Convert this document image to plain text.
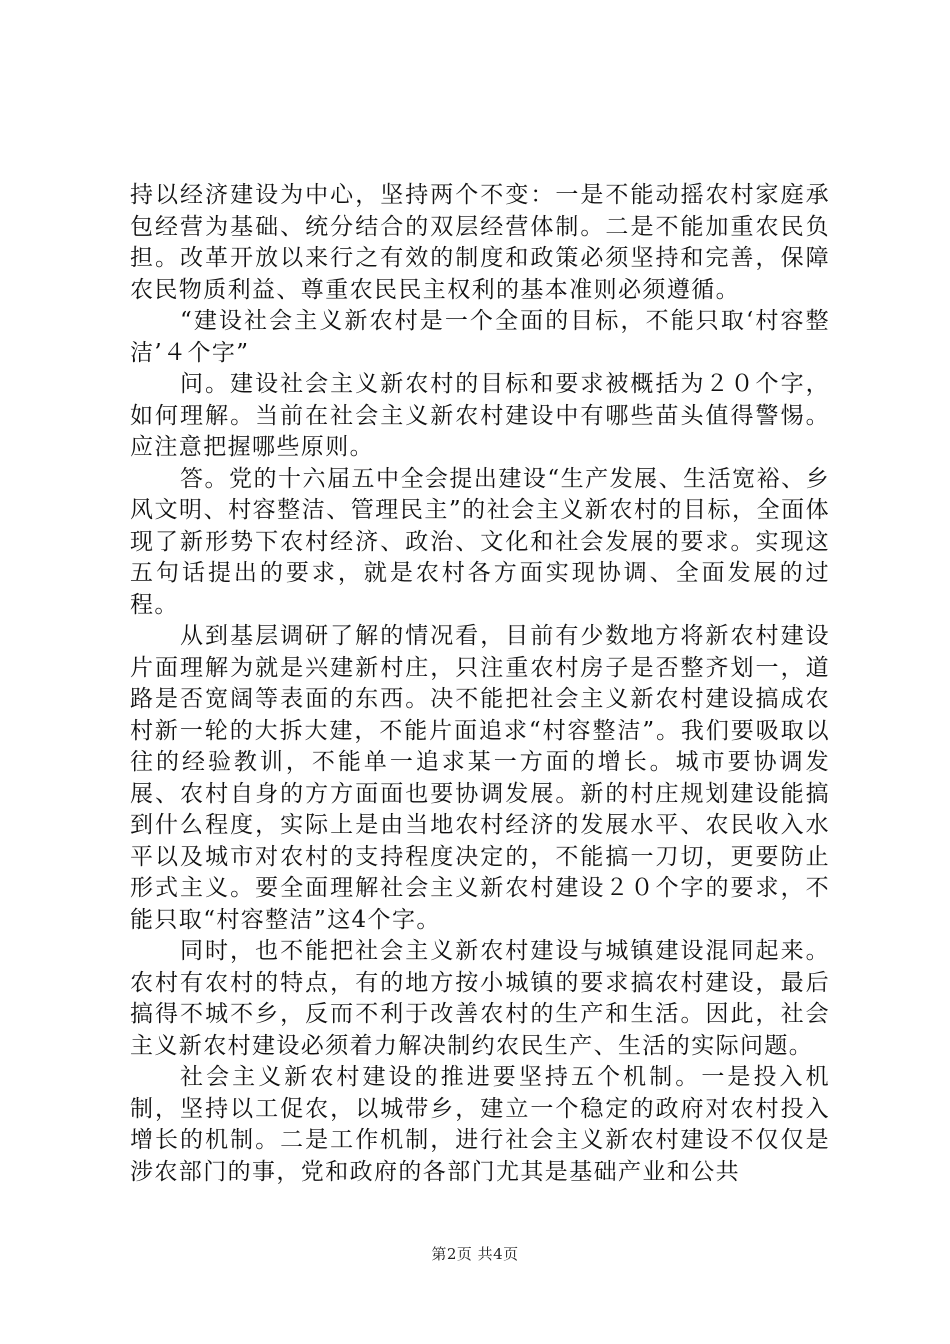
持以经济建设为中心，坚持两个不变：一是不能动摇农村家庭承包经营为基础、统分结合的双层经营体制。二是不能加重农民负担。改革开放以来行之有效的制度和政策必须坚持和完善，保障农民物质利益、尊重农民民主权利的基本准则必须遵循。

“建设社会主义新农村是一个全面的目标，不能只取‘村容整洁’４个字”

问。建设社会主义新农村的目标和要求被概括为２０个字，如何理解。当前在社会主义新农村建设中有哪些苗头值得警惕。应注意把握哪些原则。

答。党的十六届五中全会提出建设“生产发展、生活宽裕、乡风文明、村容整洁、管理民主”的社会主义新农村的目标，全面体现了新形势下农村经济、政治、文化和社会发展的要求。实现这五句话提出的要求，就是农村各方面实现协调、全面发展的过程。

从到基层调研了解的情况看，目前有少数地方将新农村建设片面理解为就是兴建新村庄，只注重农村房子是否整齐划一，道路是否宽阔等表面的东西。决不能把社会主义新农村建设搞成农村新一轮的大拆大建，不能片面追求“村容整洁”。我们要吸取以往的经验教训，不能单一追求某一方面的增长。城市要协调发展、农村自身的方方面面也要协调发展。新的村庄规划建设能搞到什么程度，实际上是由当地农村经济的发展水平、农民收入水平以及城市对农村的支持程度决定的，不能搞一刀切，更要防止形式主义。要全面理解社会主义新农村建设２０个字的要求，不能只取“村容整洁”这4个字。

同时，也不能把社会主义新农村建设与城镇建设混同起来。农村有农村的特点，有的地方按小城镇的要求搞农村建设，最后搞得不城不乡，反而不利于改善农村的生产和生活。因此，社会主义新农村建设必须着力解决制约农民生产、生活的实际问题。

社会主义新农村建设的推进要坚持五个机制。一是投入机制，坚持以工促农，以城带乡，建立一个稳定的政府对农村投入增长的机制。二是工作机制，进行社会主义新农村建设不仅仅是涉农部门的事，党和政府的各部门尤其是基础产业和公共

第2页 共4页
